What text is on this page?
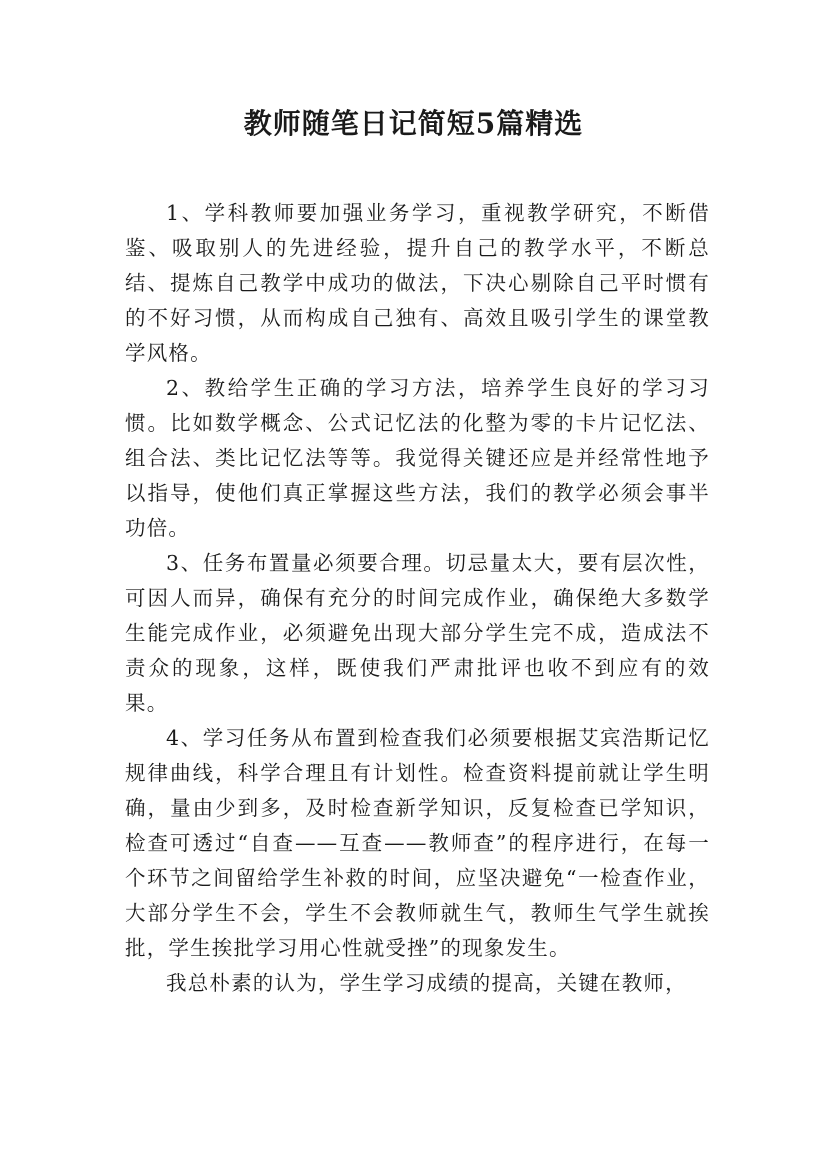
教师随笔日记简短5篇精选

1、学科教师要加强业务学习，重视教学研究，不断借鉴、吸取别人的先进经验，提升自己的教学水平，不断总结、提炼自己教学中成功的做法，下决心剔除自己平时惯有的不好习惯，从而构成自己独有、高效且吸引学生的课堂教学风格。

2、教给学生正确的学习方法，培养学生良好的学习习惯。比如数学概念、公式记忆法的化整为零的卡片记忆法、组合法、类比记忆法等等。我觉得关键还应是并经常性地予以指导，使他们真正掌握这些方法，我们的教学必须会事半功倍。

3、任务布置量必须要合理。切忌量太大，要有层次性，可因人而异，确保有充分的时间完成作业，确保绝大多数学生能完成作业，必须避免出现大部分学生完不成，造成法不责众的现象，这样，既使我们严肃批评也收不到应有的效果。

4、学习任务从布置到检查我们必须要根据艾宾浩斯记忆规律曲线，科学合理且有计划性。检查资料提前就让学生明确，量由少到多，及时检查新学知识，反复检查已学知识，检查可透过“自查——互查——教师查”的程序进行，在每一个环节之间留给学生补救的时间，应坚决避免“一检查作业，大部分学生不会，学生不会教师就生气，教师生气学生就挨批，学生挨批学习用心性就受挫”的现象发生。

我总朴素的认为，学生学习成绩的提高，关键在教师，
